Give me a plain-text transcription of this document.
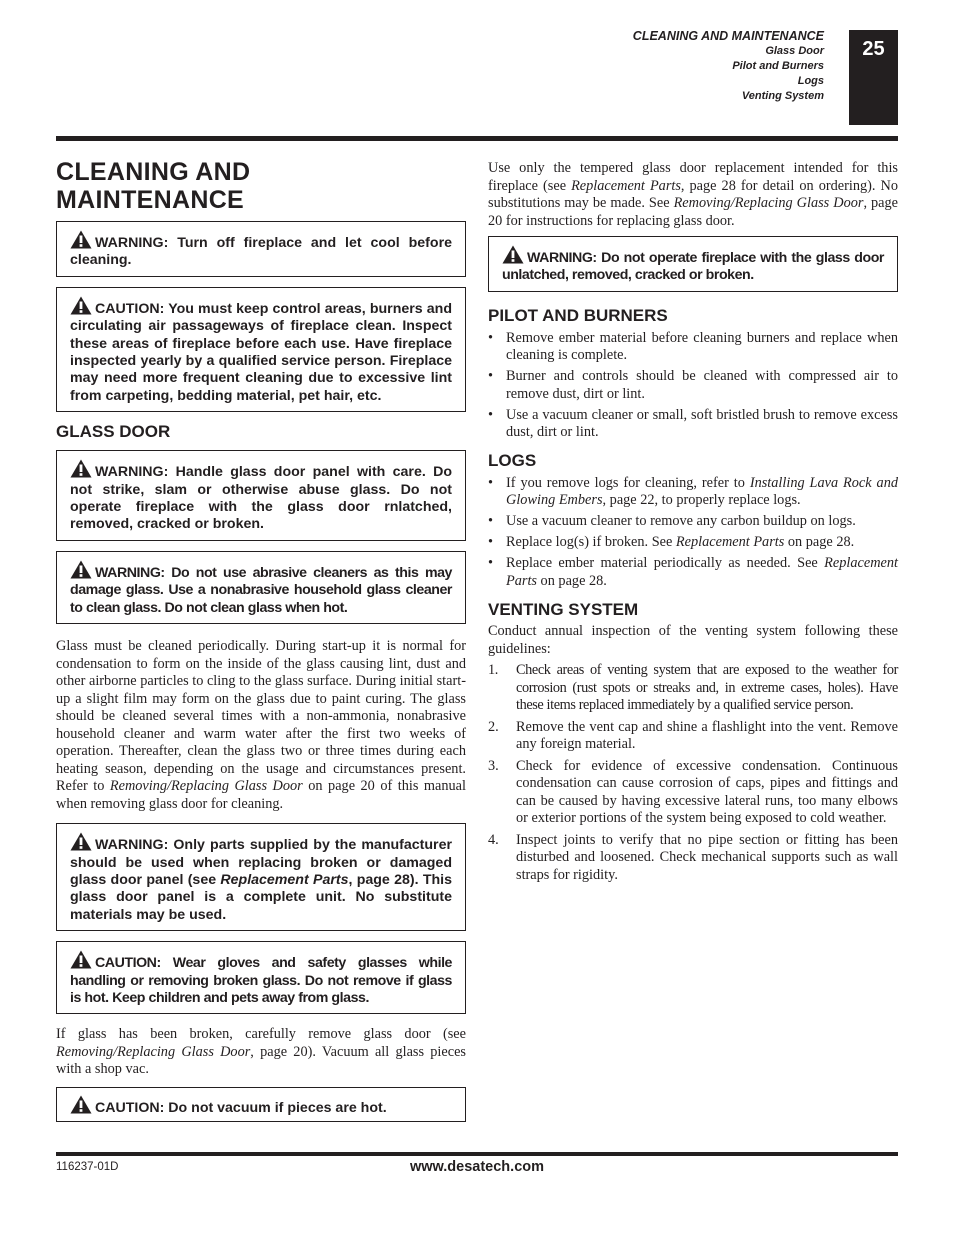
CLEANING AND MAINTENANCE
Glass Door
Pilot and Burners
Logs
Venting System
25
CLEANING AND
MAINTENANCE
WARNING: Turn off fireplace and let cool before cleaning.
CAUTION: You must keep control areas, burners and circulating air passageways of fireplace clean. Inspect these areas of fireplace before each use. Have fireplace inspected yearly by a qualified service person. Fireplace may need more frequent cleaning due to excessive lint from carpeting, bedding material, pet hair, etc.
GLASS DOOR
WARNING: Handle glass door panel with care. Do not strike, slam or otherwise abuse glass. Do not operate fireplace with the glass door rnlatched, removed, cracked or broken.
WARNING: Do not use abrasive cleaners as this may damage glass. Use a nonabrasive household glass cleaner to clean glass. Do not clean glass when hot.

Glass must be cleaned periodically. During start-up it is normal for condensation to form on the inside of the glass causing lint, dust and other airborne particles to cling to the glass surface. During initial start-up a slight film may form on the glass due to paint curing. The glass should be cleaned several times with a non-ammonia, nonabrasive household cleaner and warm water after the first two weeks of operation. Thereafter, clean the glass two or three times during each heating season, depending on the usage and circumstances present. Refer to Removing/Replacing Glass Door on page 20 of this manual when removing glass door for cleaning.

WARNING: Only parts supplied by the manufacturer should be used when replacing broken or damaged glass door panel (see Replacement Parts, page 28). This glass door panel is a complete unit. No substitute materials may be used.
CAUTION: Wear gloves and safety glasses while handling or removing broken glass. Do not remove if glass is hot. Keep children and pets away from glass.

If glass has been broken, carefully remove glass door (see Removing/Replacing Glass Door, page 20). Vacuum all glass pieces with a shop vac.

CAUTION: Do not vacuum if pieces are hot.

Use only the tempered glass door replacement intended for this fireplace (see Replacement Parts, page 28 for detail on ordering). No substitutions may be made. See Removing/Replacing Glass Door, page 20 for instructions for replacing glass door.

WARNING: Do not operate fireplace with the glass door unlatched, removed, cracked or broken.
PILOT AND BURNERS
• Remove ember material before cleaning burners and replace when cleaning is complete.
• Burner and controls should be cleaned with compressed air to remove dust, dirt or lint.
• Use a vacuum cleaner or small, soft bristled brush to remove excess dust, dirt or lint.
LOGS
• If you remove logs for cleaning, refer to Installing Lava Rock and Glowing Embers, page 22, to properly replace logs.
• Use a vacuum cleaner to remove any carbon buildup on logs.
• Replace log(s) if broken. See Replacement Parts on page 28.
• Replace ember material periodically as needed. See Replacement Parts on page 28.
VENTING SYSTEM

Conduct annual inspection of the venting system following these guidelines:

1. Check areas of venting system that are exposed to the weather for corrosion (rust spots or streaks and, in extreme cases, holes). Have these items replaced immediately by a qualified service person.
2. Remove the vent cap and shine a flashlight into the vent. Remove any foreign material.
3. Check for evidence of excessive condensation. Continuous condensation can cause corrosion of caps, pipes and fittings and can be caused by having excessive lateral runs, too many elbows or exterior portions of the system being exposed to cold weather.
4. Inspect joints to verify that no pipe section or fitting has been disturbed and loosened. Check mechanical supports such as wall straps for rigidity.
116237-01D	www.desatech.com
